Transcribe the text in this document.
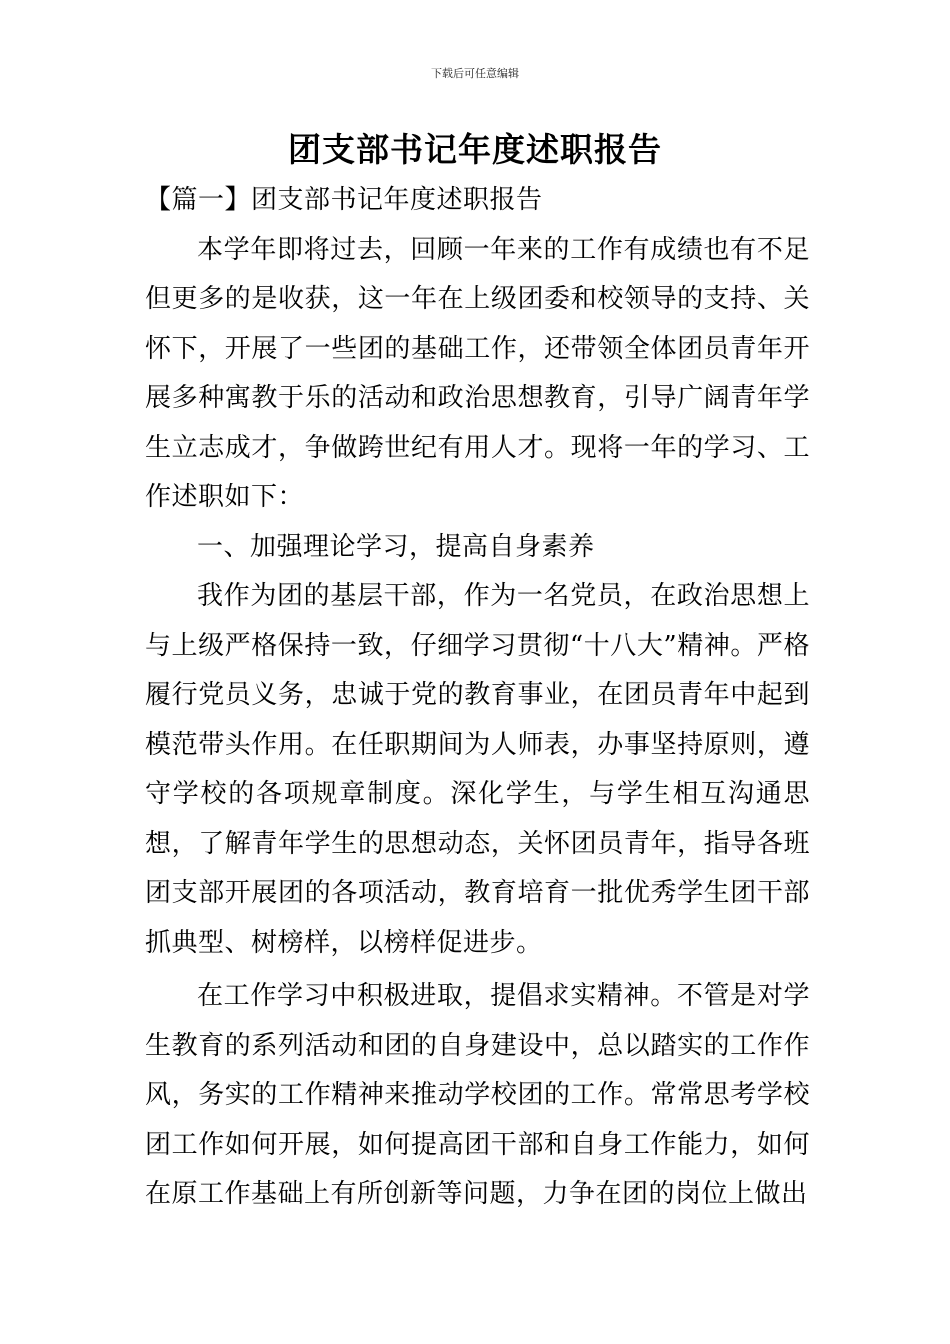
下载后可任意编辑
团支部书记年度述职报告

【篇一】团支部书记年度述职报告

本学年即将过去，回顾一年来的工作有成绩也有不足但更多的是收获，这一年在上级团委和校领导的支持、关怀下，开展了一些团的基础工作，还带领全体团员青年开展多种寓教于乐的活动和政治思想教育，引导广阔青年学生立志成才，争做跨世纪有用人才。现将一年的学习、工作述职如下：

一、加强理论学习，提高自身素养

我作为团的基层干部，作为一名党员，在政治思想上与上级严格保持一致，仔细学习贯彻“十八大”精神。严格履行党员义务，忠诚于党的教育事业，在团员青年中起到模范带头作用。在任职期间为人师表，办事坚持原则，遵守学校的各项规章制度。深化学生，与学生相互沟通思想，了解青年学生的思想动态，关怀团员青年，指导各班团支部开展团的各项活动，教育培育一批优秀学生团干部抓典型、树榜样，以榜样促进步。

在工作学习中积极进取，提倡求实精神。不管是对学生教育的系列活动和团的自身建设中，总以踏实的工作作风，务实的工作精神来推动学校团的工作。常常思考学校团工作如何开展，如何提高团干部和自身工作能力，如何在原工作基础上有所创新等问题，力争在团的岗位上做出
